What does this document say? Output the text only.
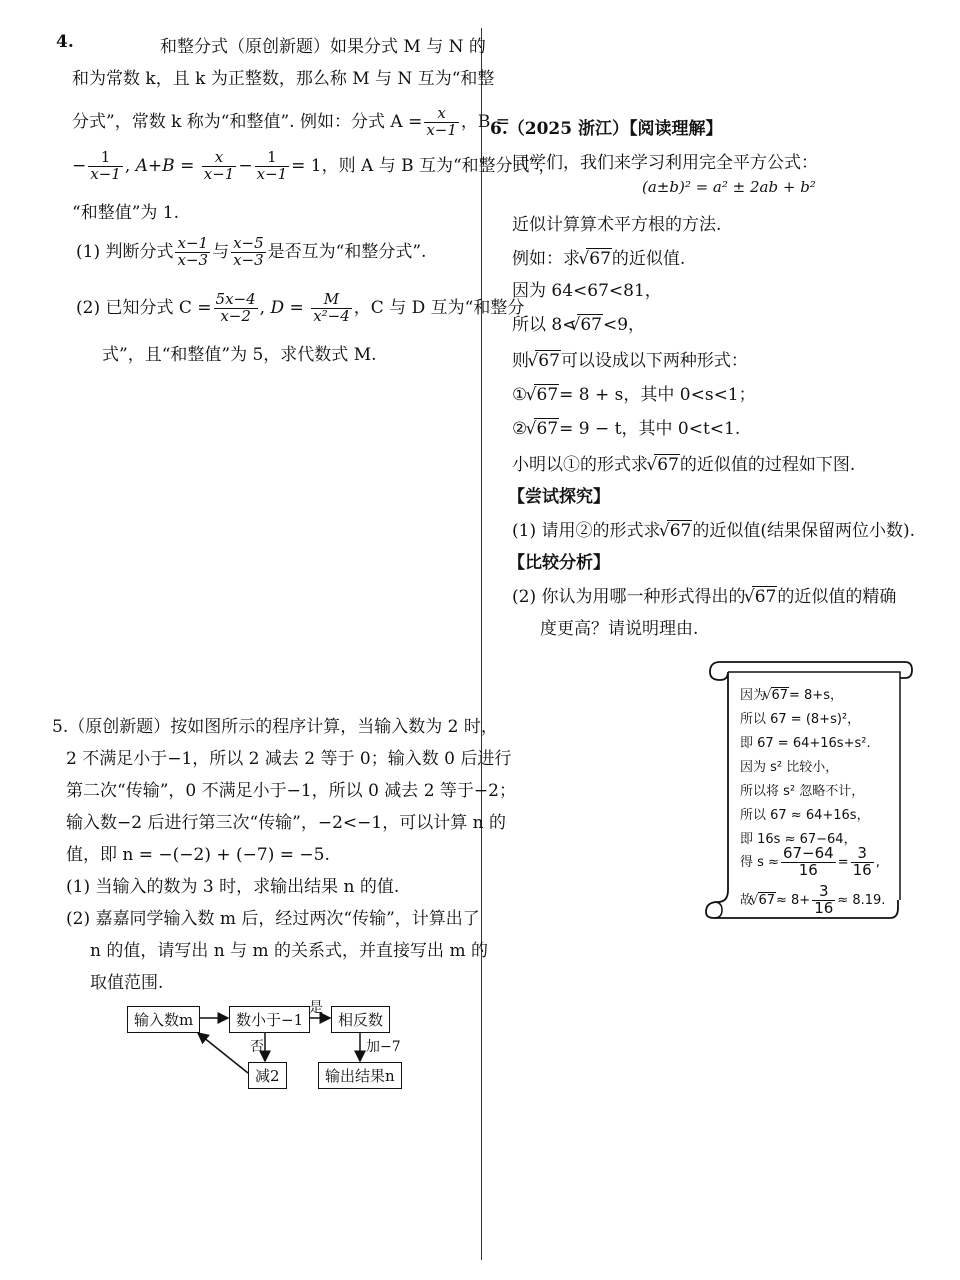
4.	和整分式（原创新题）如果分式 M 与 N 的
和为常数 k，且 k 为正整数，那么称 M 与 N 互为“和整
分式”，常数 k 称为“和整值”. 例如：分式 $A = \frac{x}{x-1}$ ，B =
− $\frac{1}{x-1}$ , $A+B = \frac{x}{x-1} - \frac{1}{x-1} = 1$，则 A 与 B 互为“和整分式”，
“和整值”为 1.
(1) 判断分式 $\frac{x-1}{x-3}$ 与 $\frac{x-5}{x-3}$ 是否互为“和整分式”.
(2) 已知分式 $C = \frac{5x-4}{x-2}$ , $D = \frac{M}{\text{x²−4}}$ ，C 与 D 互为“和整分
式”，且“和整值”为 5，求代数式 M.
5.（原创新题）按如图所示的程序计算，当输入数为 2 时，
2 不满足小于−1，所以 2 减去 2 等于 0；输入数 0 后进行
第二次“传输”，0 不满足小于−1，所以 0 减去 2 等于−2；
输入数−2 后进行第三次“传输”，−2<−1，可以计算 n 的
值，即 n = −(−2) + (−7) = −5.
(1) 当输入的数为 3 时，求输出结果 n 的值.
(2) 嘉嘉同学输入数 m 后，经过两次“传输”，计算出了
n 的值，请写出 n 与 m 的关系式，并直接写出 m 的
取值范围.
输入数m	数小于−1
是
相反数
否	加−7
减2	输出结果n
6.（2025 浙江）【阅读理解】
同学们，我们来学习利用完全平方公式：
(a±b)² = a² ± 2ab + b²
近似计算算术平方根的方法.
例如：求 √ 67的近似值.
因为 64<67<81，
所以 8< √ 67<9，
则 √ 67可以设成以下两种形式：
① √ 67= 8 + s，其中 0<s<1；
② √ 67= 9 − t，其中 0<t<1.
小明以①的形式求 √ 67的近似值的过程如下图.
【尝试探究】
(1) 请用②的形式求 √ 67的近似值(结果保留两位小数).
【比较分析】
(2) 你认为用哪一种形式得出的 √ 67的近似值的精确
度更高？请说明理由.
因为 √ 67= 8+s，
所以 67 = (8+s)²，
即 67 = 64+16s+s².
因为 s² 比较小，
所以将 s² 忽略不计，
所以 67 ≈ 64+16s，
即 16s ≈ 67−64，
得 $s \approx \frac{67-64}{16} = \frac{3}{16}$ ,
故 √ $67\approx 8+ \frac{3}{16} \approx 8.19$.
